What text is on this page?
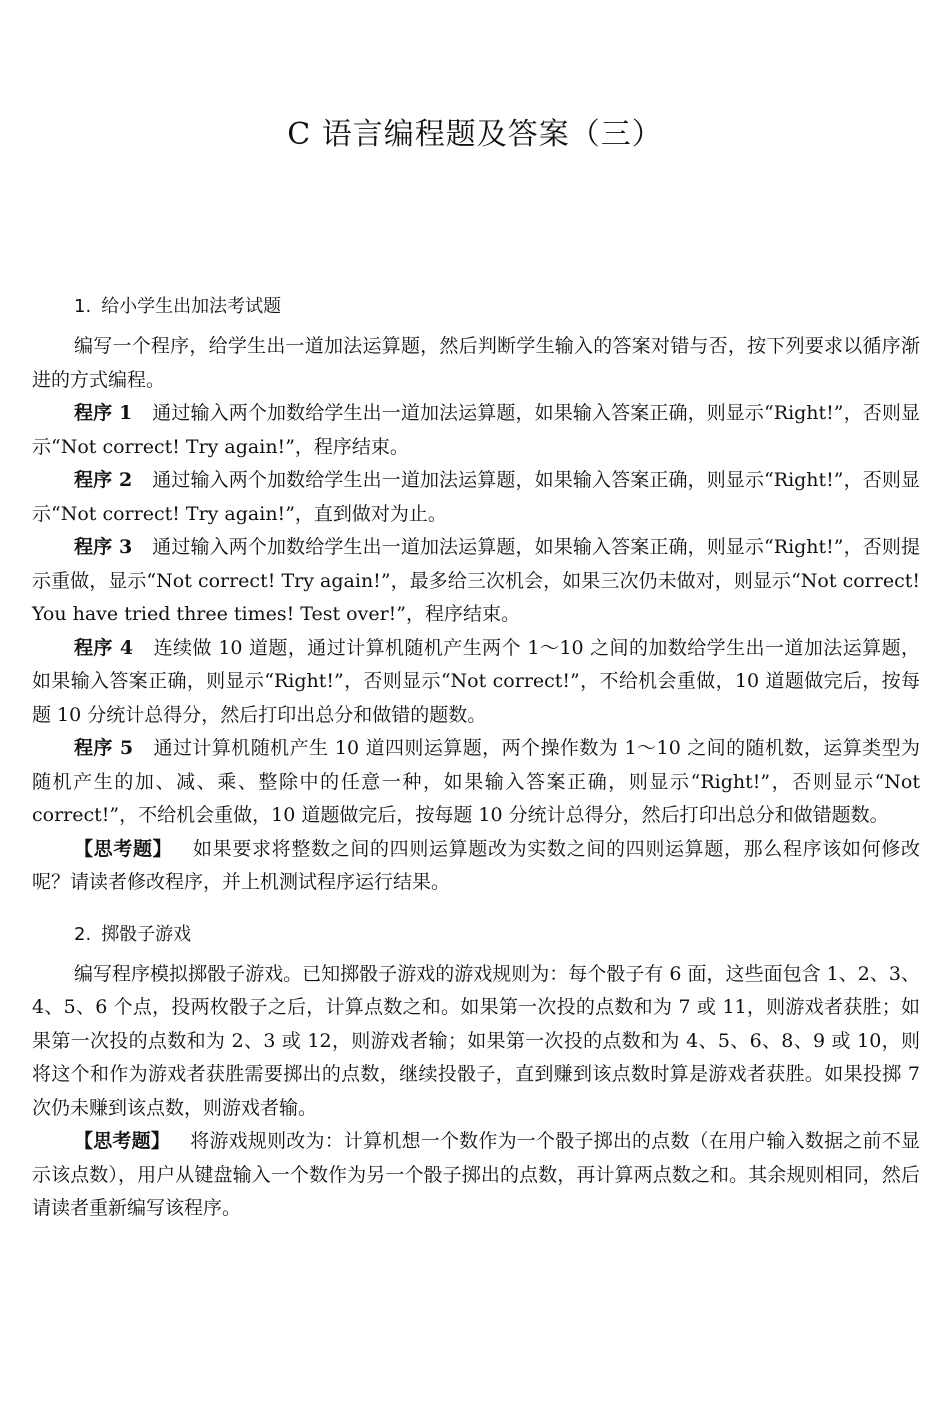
C 语言编程题及答案（三）
1. 给小学生出加法考试题

编写一个程序，给学生出一道加法运算题，然后判断学生输入的答案对错与否，按下列要求以循序渐进的方式编程。

程序 1 通过输入两个加数给学生出一道加法运算题，如果输入答案正确，则显示“Right!”，否则显示“Not correct! Try again!”，程序结束。

程序 2 通过输入两个加数给学生出一道加法运算题，如果输入答案正确，则显示“Right!”，否则显示“Not correct! Try again!”，直到做对为止。

程序 3 通过输入两个加数给学生出一道加法运算题，如果输入答案正确，则显示“Right!”，否则提示重做，显示“Not correct! Try again!”，最多给三次机会，如果三次仍未做对，则显示“Not correct! You have tried three times! Test over!”，程序结束。

程序 4 连续做 10 道题，通过计算机随机产生两个 1～10 之间的加数给学生出一道加法运算题，如果输入答案正确，则显示“Right!”，否则显示“Not correct!”，不给机会重做，10 道题做完后，按每题 10 分统计总得分，然后打印出总分和做错的题数。

程序 5 通过计算机随机产生 10 道四则运算题，两个操作数为 1～10 之间的随机数，运算类型为随机产生的加、减、乘、整除中的任意一种，如果输入答案正确，则显示“Right!”，否则显示“Not correct!”，不给机会重做，10 道题做完后，按每题 10 分统计总得分，然后打印出总分和做错题数。

【思考题】 如果要求将整数之间的四则运算题改为实数之间的四则运算题，那么程序该如何修改呢？请读者修改程序，并上机测试程序运行结果。

2. 掷骰子游戏

编写程序模拟掷骰子游戏。已知掷骰子游戏的游戏规则为：每个骰子有 6 面，这些面包含 1、2、3、4、5、6 个点，投两枚骰子之后，计算点数之和。如果第一次投的点数和为 7 或 11，则游戏者获胜；如果第一次投的点数和为 2、3 或 12，则游戏者输；如果第一次投的点数和为 4、5、6、8、9 或 10，则将这个和作为游戏者获胜需要掷出的点数，继续投骰子，直到赚到该点数时算是游戏者获胜。如果投掷 7 次仍未赚到该点数，则游戏者输。

【思考题】 将游戏规则改为：计算机想一个数作为一个骰子掷出的点数（在用户输入数据之前不显示该点数），用户从键盘输入一个数作为另一个骰子掷出的点数，再计算两点数之和。其余规则相同，然后请读者重新编写该程序。
